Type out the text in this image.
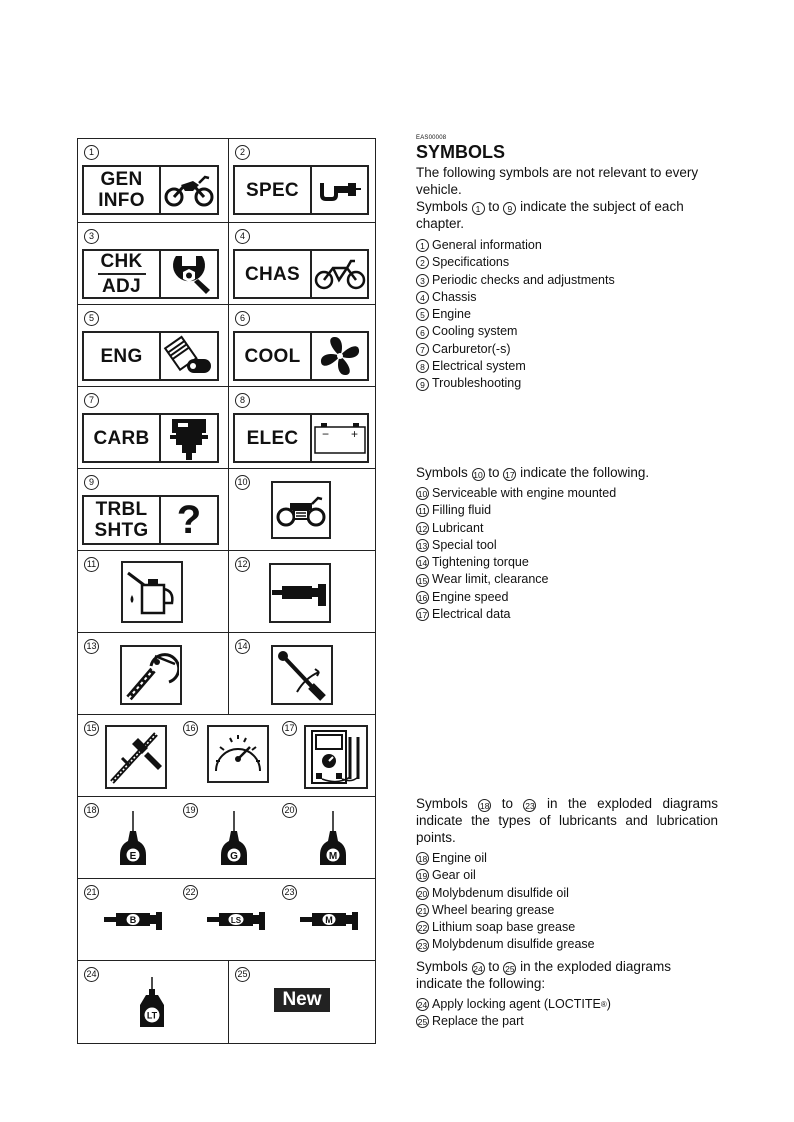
1
GEN
INFO
2
SPEC
3
CHK
ADJ
4
CHAS
5
ENG
6
COOL
7
CARB
8
ELEC − +
9
TRBL
SHTG ?
10
11	12
13	14
15	16	17
18
E
19
G
20
M
21
B
22
LS
23
M
24
LT
25
New
EAS00008
SYMBOLS
The following symbols are not relevant to every vehicle.
Symbols 1 to 9 indicate the subject of each chapter.
1 General information
2 Specifications
3 Periodic checks and adjustments
4 Chassis
5 Engine
6 Cooling system
7 Carburetor(-s)
8 Electrical system
9 Troubleshooting
Symbols 10 to 17 indicate the following.
10 Serviceable with engine mounted
11 Filling fluid
12 Lubricant
13 Special tool
14 Tightening torque
15 Wear limit, clearance
16 Engine speed
17 Electrical data
Symbols 18 to 23 in the exploded diagrams indicate the types of lubricants and lubrication points.
18 Engine oil
19 Gear oil
20 Molybdenum disulfide oil
21 Wheel bearing grease
22 Lithium soap base grease
23 Molybdenum disulfide grease
Symbols 24 to 25 in the exploded diagrams indicate the following:
24 Apply locking agent (LOCTITE ® )
25 Replace the part
